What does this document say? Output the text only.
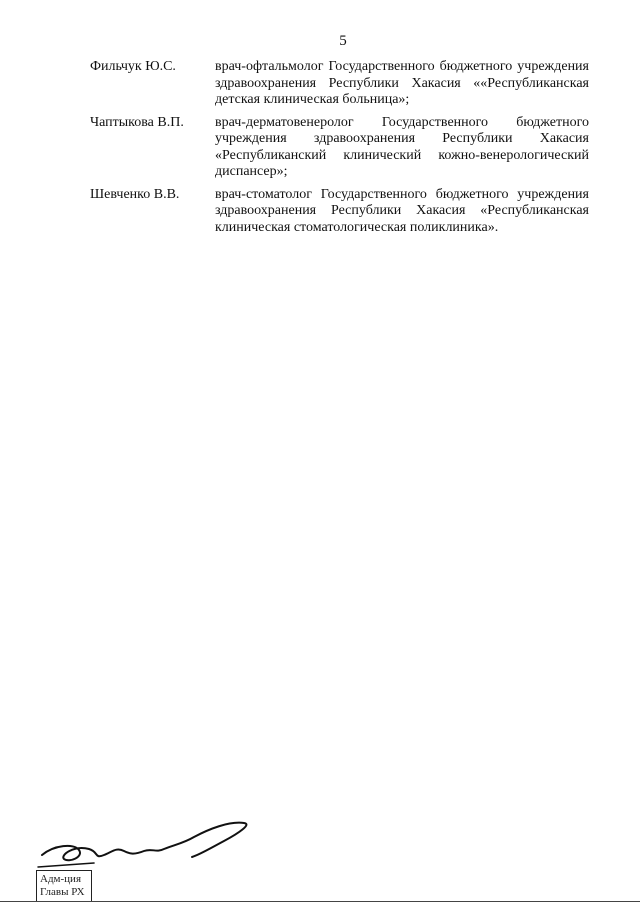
5
Фильчук Ю.С.	врач-офтальмолог Государственного бюджетного учреждения здравоохранения Республики Хакасия ««Республиканская детская клиническая больница»;
Чаптыкова В.П.	врач-дерматовенеролог Государственного бюджетного учреждения здравоохранения Республики Хакасия «Республиканский клинический кожно-венерологический диспансер»;
Шевченко В.В.	врач-стоматолог Государственного бюджетного учреждения здравоохранения Республики Хакасия «Республиканская клиническая стоматологическая поликлиника».
Адм-ция
Главы РХ
